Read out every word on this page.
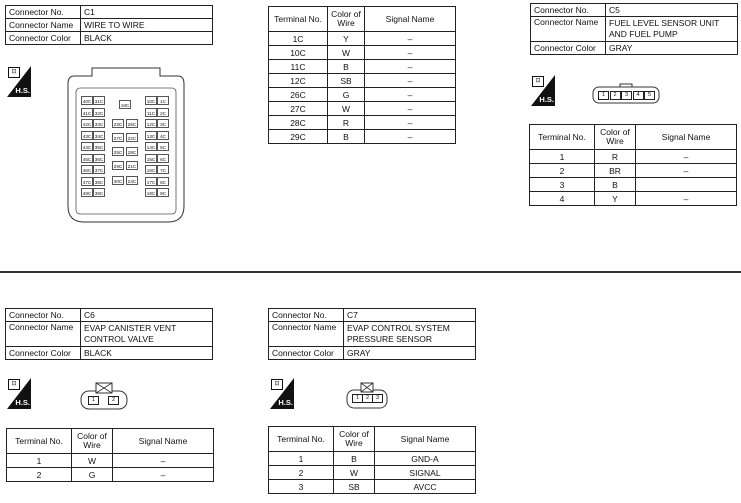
Connector No.	C1
Connector Name	WIRE TO WIRE
Connector Color	BLACK
⊡
H.S.
40C 31C
41C 32C
42C 33C
43C 34C
44C 35C
45C 36C
46C 37C
47C 38C
48C 39C
10C	1C
11C	2C
12C	3C
13C	4C
14C	5C
15C	6C
16C	7C
17C	8C
18C	9C
18C
23C	26C
27C	22C
25C	28C
29C	21C
30C	24C
Terminal No.	Color of Wire	Signal Name
1C	Y	–
10C	W	–
11C	B	–
12C	SB	–
26C	G	–
27C	W	–
28C	R	–
29C	B	–
Connector No.	C5
Connector Name	FUEL LEVEL SENSOR UNIT AND FUEL PUMP
Connector Color	GRAY
⊡
H.S.	1	2	3	4	5
Terminal No.	Color of Wire	Signal Name
1	R	–
2	BR	–
3	B	
4	Y	–
Connector No.	C6
Connector Name	EVAP CANISTER VENT CONTROL VALVE
Connector Color	BLACK
⊡
H.S.	1	2
Terminal No.	Color of Wire	Signal Name
1	W	–
2	G	–
Connector No.	C7
Connector Name	EVAP CONTROL SYSTEM PRESSURE SENSOR
Connector Color	GRAY
⊡
H.S.	1	2	3
Terminal No.	Color of Wire	Signal Name
1	B	GND-A
2	W	SIGNAL
3	SB	AVCC
